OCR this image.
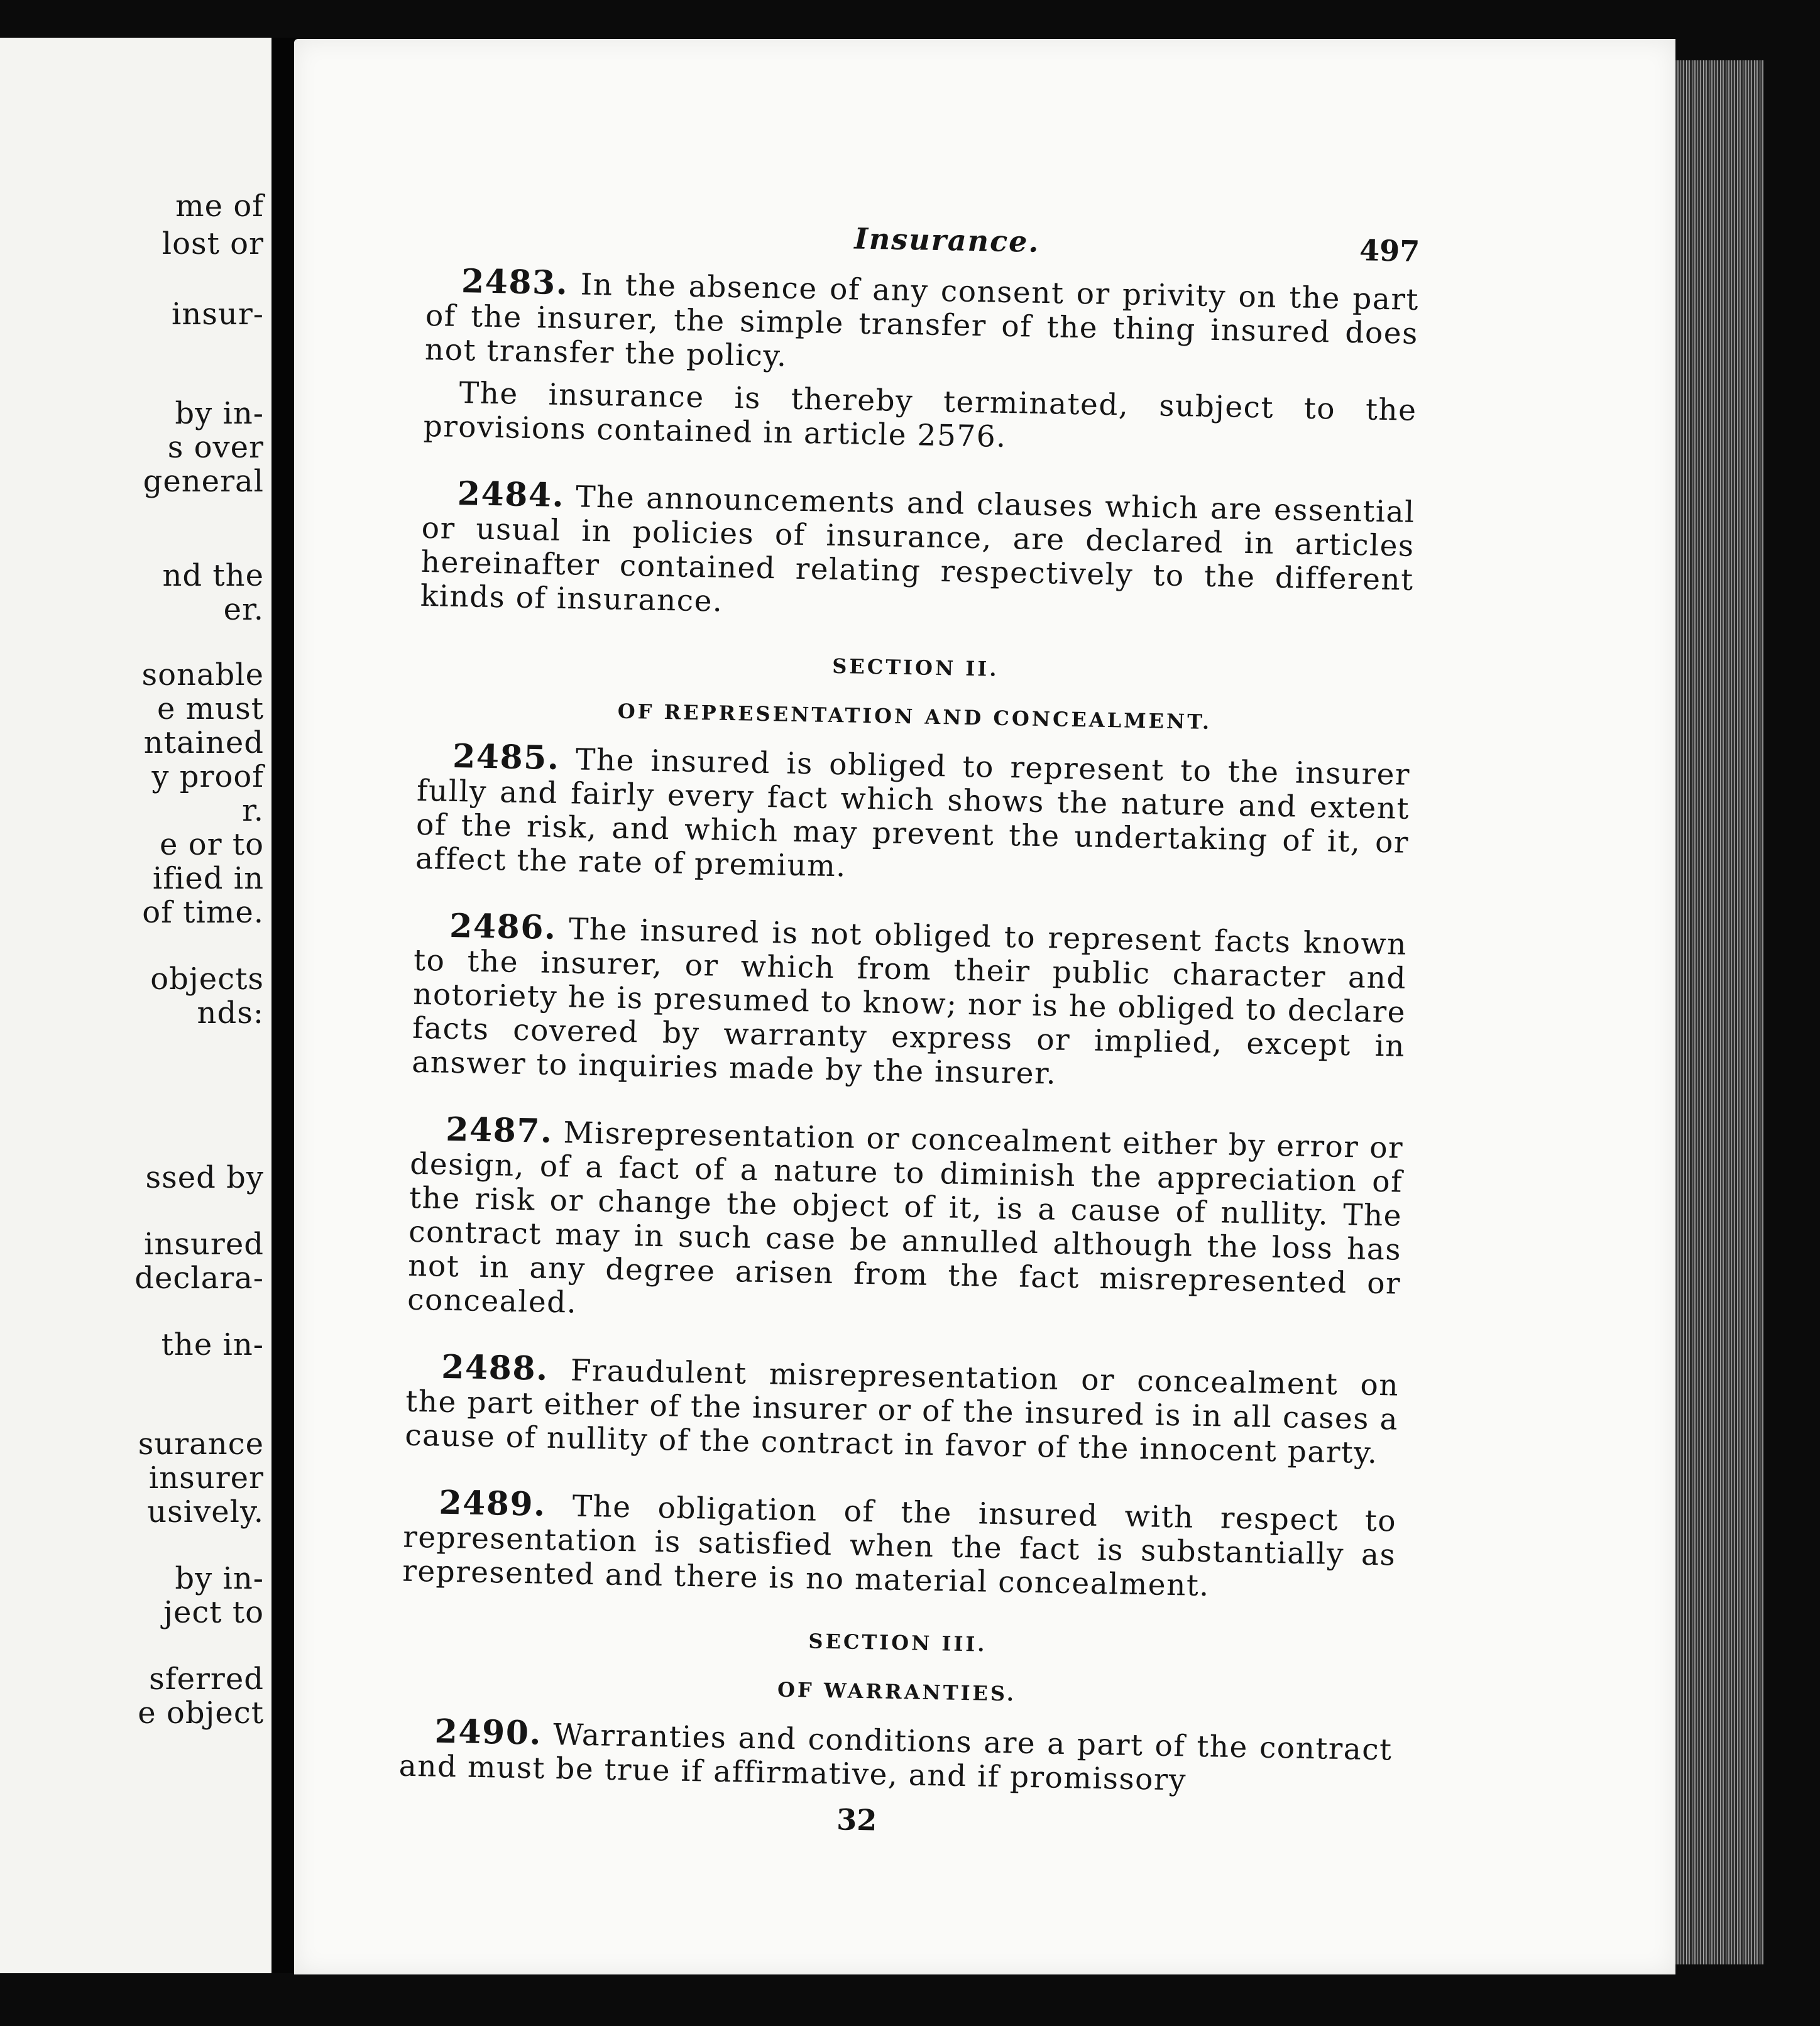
me of
lost or
insur-
by in-
s over
general
nd the
er.
sonable
e must
ntained
y proof
r.
e or to
ified in
of time.
objects
nds:
ssed by
insured
declara-
the in-
surance
insurer
usively.
by in-
ject to
sferred
e object
Insurance.	497

2483. In the absence of any consent or privity on the part of the insurer, the simple transfer of the thing insured does not transfer the policy.

The insurance is thereby terminated, subject to the provisions contained in article 2576.

2484. The announcements and clauses which are essential or usual in policies of insurance, are declared in articles hereinafter contained relating respectively to the different kinds of insurance.

SECTION II.

OF REPRESENTATION AND CONCEALMENT.

2485. The insured is obliged to represent to the insurer fully and fairly every fact which shows the nature and extent of the risk, and which may prevent the undertaking of it, or affect the rate of premium.

2486. The insured is not obliged to represent facts known to the insurer, or which from their public character and notoriety he is presumed to know; nor is he obliged to declare facts covered by warranty express or implied, except in answer to inquiries made by the insurer.

2487. Misrepresentation or concealment either by error or design, of a fact of a nature to diminish the appreciation of the risk or change the object of it, is a cause of nullity. The contract may in such case be annulled although the loss has not in any degree arisen from the fact misrepresented or concealed.

2488. Fraudulent misrepresentation or concealment on the part either of the insurer or of the insured is in all cases a cause of nullity of the contract in favor of the innocent party.

2489. The obligation of the insured with respect to representation is satisfied when the fact is substantially as represented and there is no material concealment.

SECTION III.

OF WARRANTIES.

2490. Warranties and conditions are a part of the contract and must be true if affirmative, and if promissory

32
